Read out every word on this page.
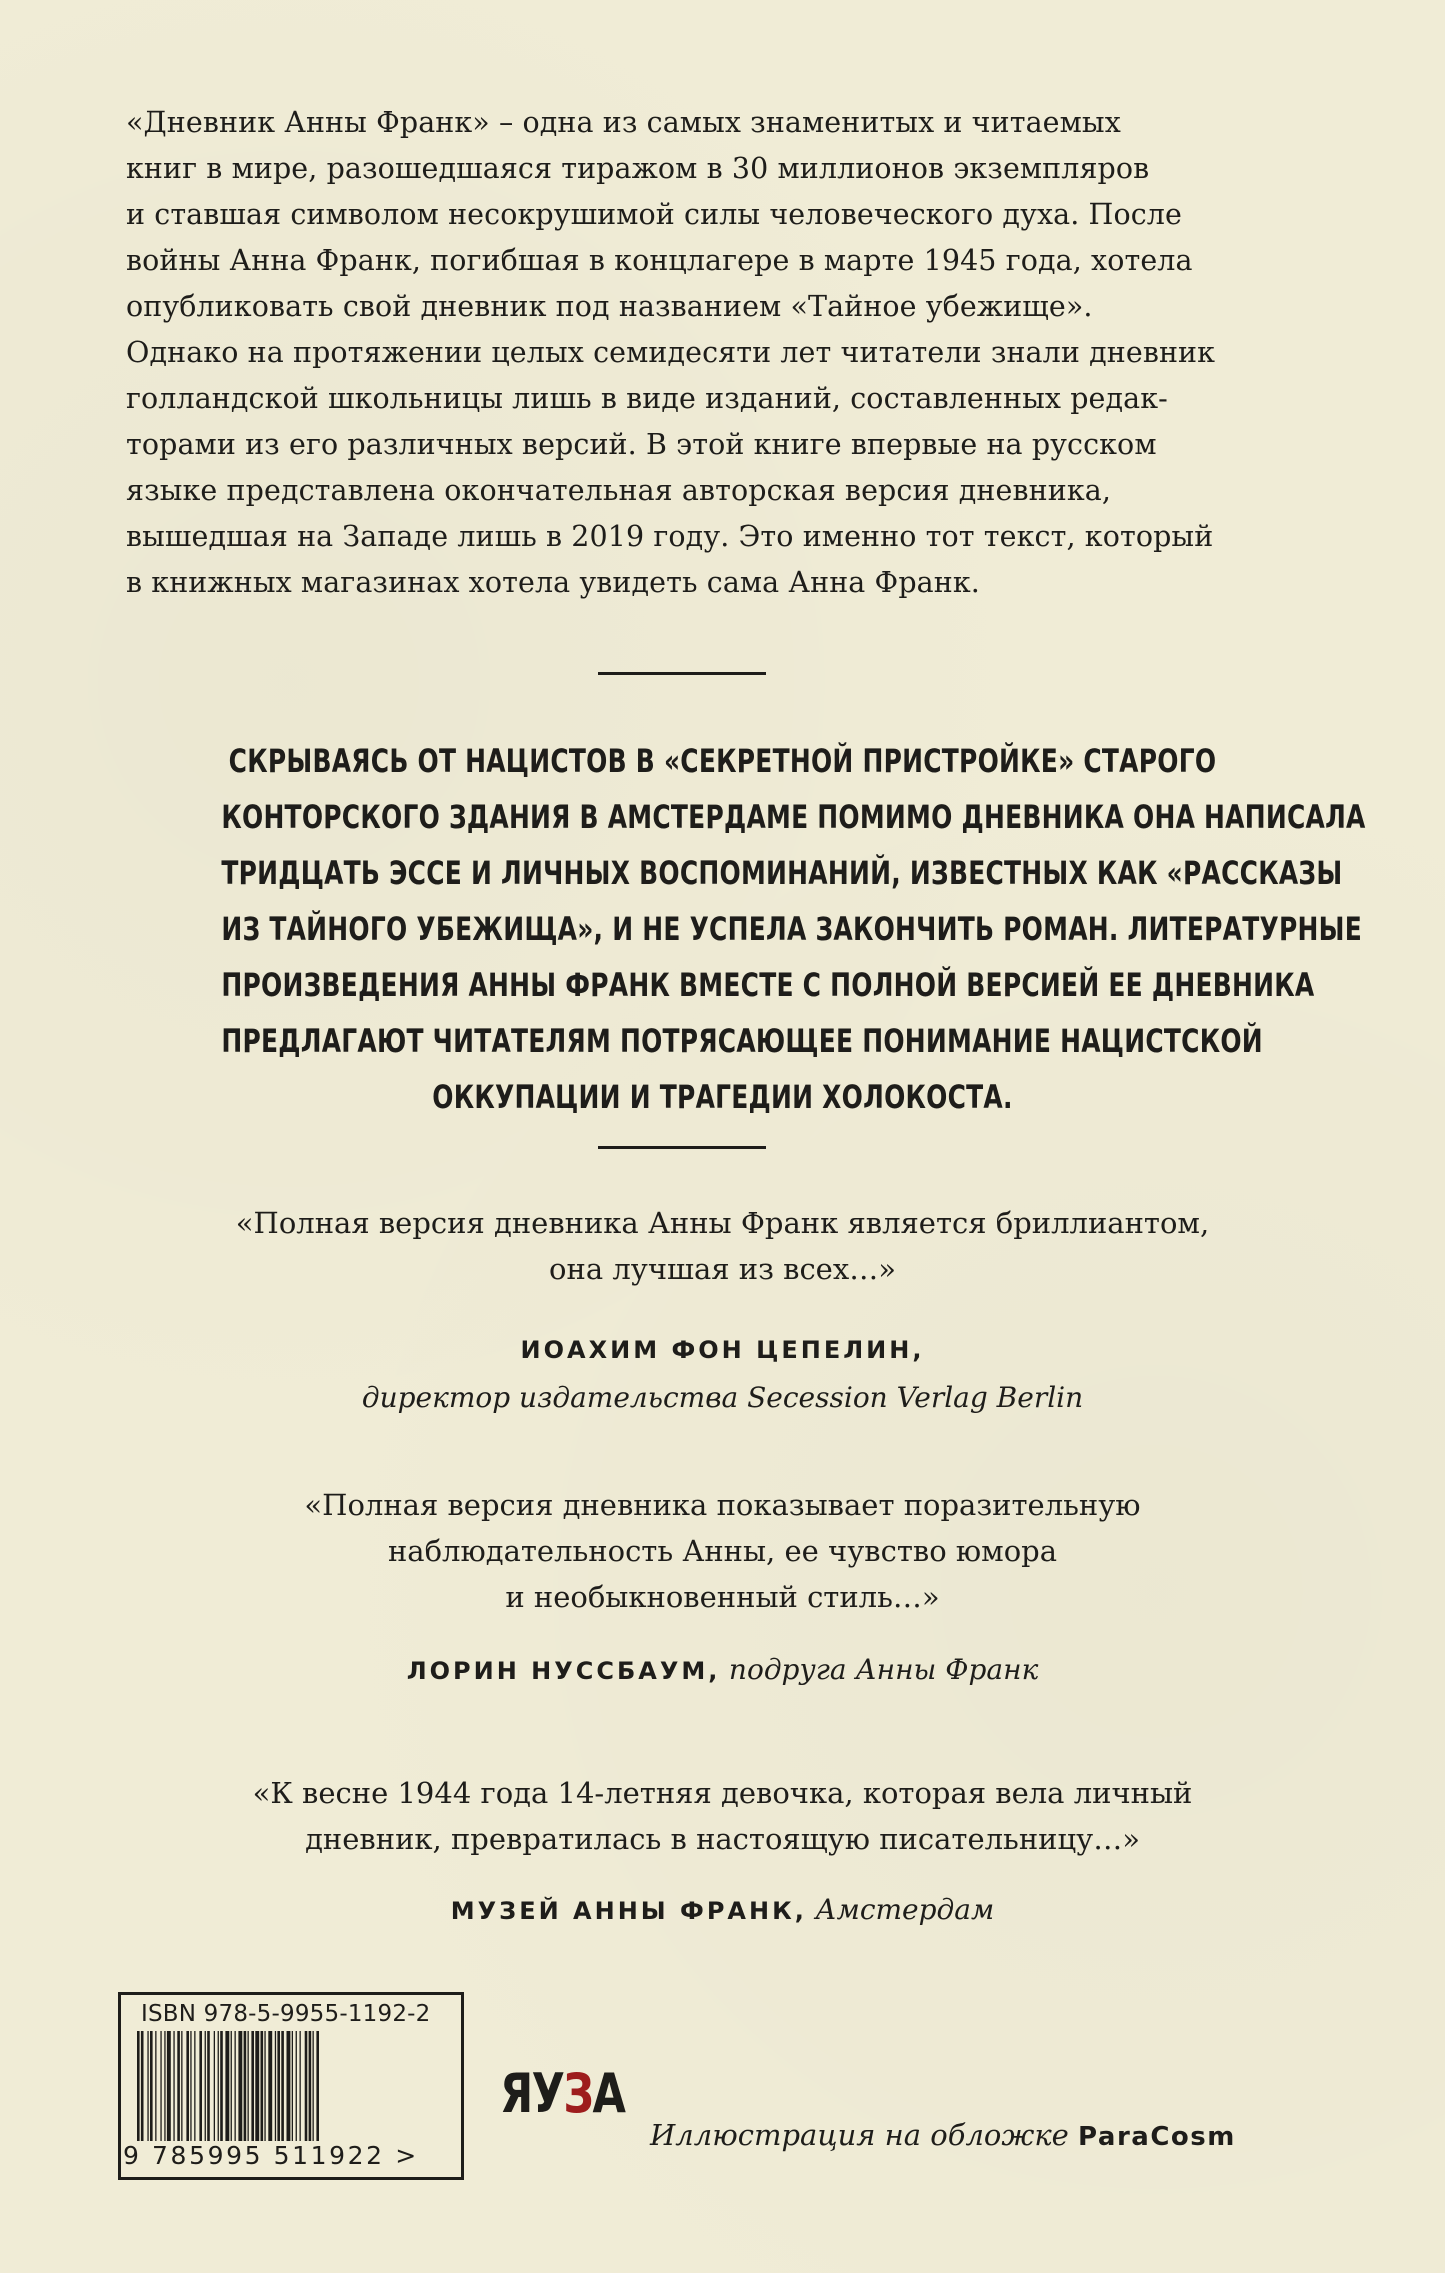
«Дневник Анны Франк» – одна из самых знаменитых и читаемых
книг в мире, разошедшаяся тиражом в 30 миллионов экземпляров
и ставшая символом несокрушимой силы человеческого духа. После
войны Анна Франк, погибшая в концлагере в марте 1945 года, хотела
опубликовать свой дневник под названием «Тайное убежище».
Однако на протяжении целых семидесяти лет читатели знали дневник
голландской школьницы лишь в виде изданий, составленных редак-
торами из его различных версий. В этой книге впервые на русском
языке представлена окончательная авторская версия дневника,
вышедшая на Западе лишь в 2019 году. Это именно тот текст, который
в книжных магазинах хотела увидеть сама Анна Франк.
СКРЫВАЯСЬ ОТ НАЦИСТОВ В «СЕКРЕТНОЙ ПРИСТРОЙКЕ» СТАРОГО
КОНТОРСКОГО ЗДАНИЯ В АМСТЕРДАМЕ ПОМИМО ДНЕВНИКА ОНА НАПИСАЛА
ТРИДЦАТЬ ЭССЕ И ЛИЧНЫХ ВОСПОМИНАНИЙ, ИЗВЕСТНЫХ КАК «РАССКАЗЫ
ИЗ ТАЙНОГО УБЕЖИЩА», И НЕ УСПЕЛА ЗАКОНЧИТЬ РОМАН. ЛИТЕРАТУРНЫЕ
ПРОИЗВЕДЕНИЯ АННЫ ФРАНК ВМЕСТЕ С ПОЛНОЙ ВЕРСИЕЙ ЕЕ ДНЕВНИКА
ПРЕДЛАГАЮТ ЧИТАТЕЛЯМ ПОТРЯСАЮЩЕЕ ПОНИМАНИЕ НАЦИСТСКОЙ
ОККУПАЦИИ И ТРАГЕДИИ ХОЛОКОСТА.
«Полная версия дневника Анны Франк является бриллиантом,
она лучшая из всех…»
ИОАХИМ ФОН ЦЕПЕЛИН,
директор издательства Secession Verlag Berlin
«Полная версия дневника показывает поразительную
наблюдательность Анны, ее чувство юмора
и необыкновенный стиль…»
ЛОРИН НУССБАУМ, подруга Анны Франк
«К весне 1944 года 14-летняя девочка, которая вела личный
дневник, превратилась в настоящую писательницу…»
МУЗЕЙ АННЫ ФРАНК, Амстердам
ISBN 978-5-9955-1192-2
9 785995 511922 >
ЯУЗА
Иллюстрация на обложке ParaCosm
